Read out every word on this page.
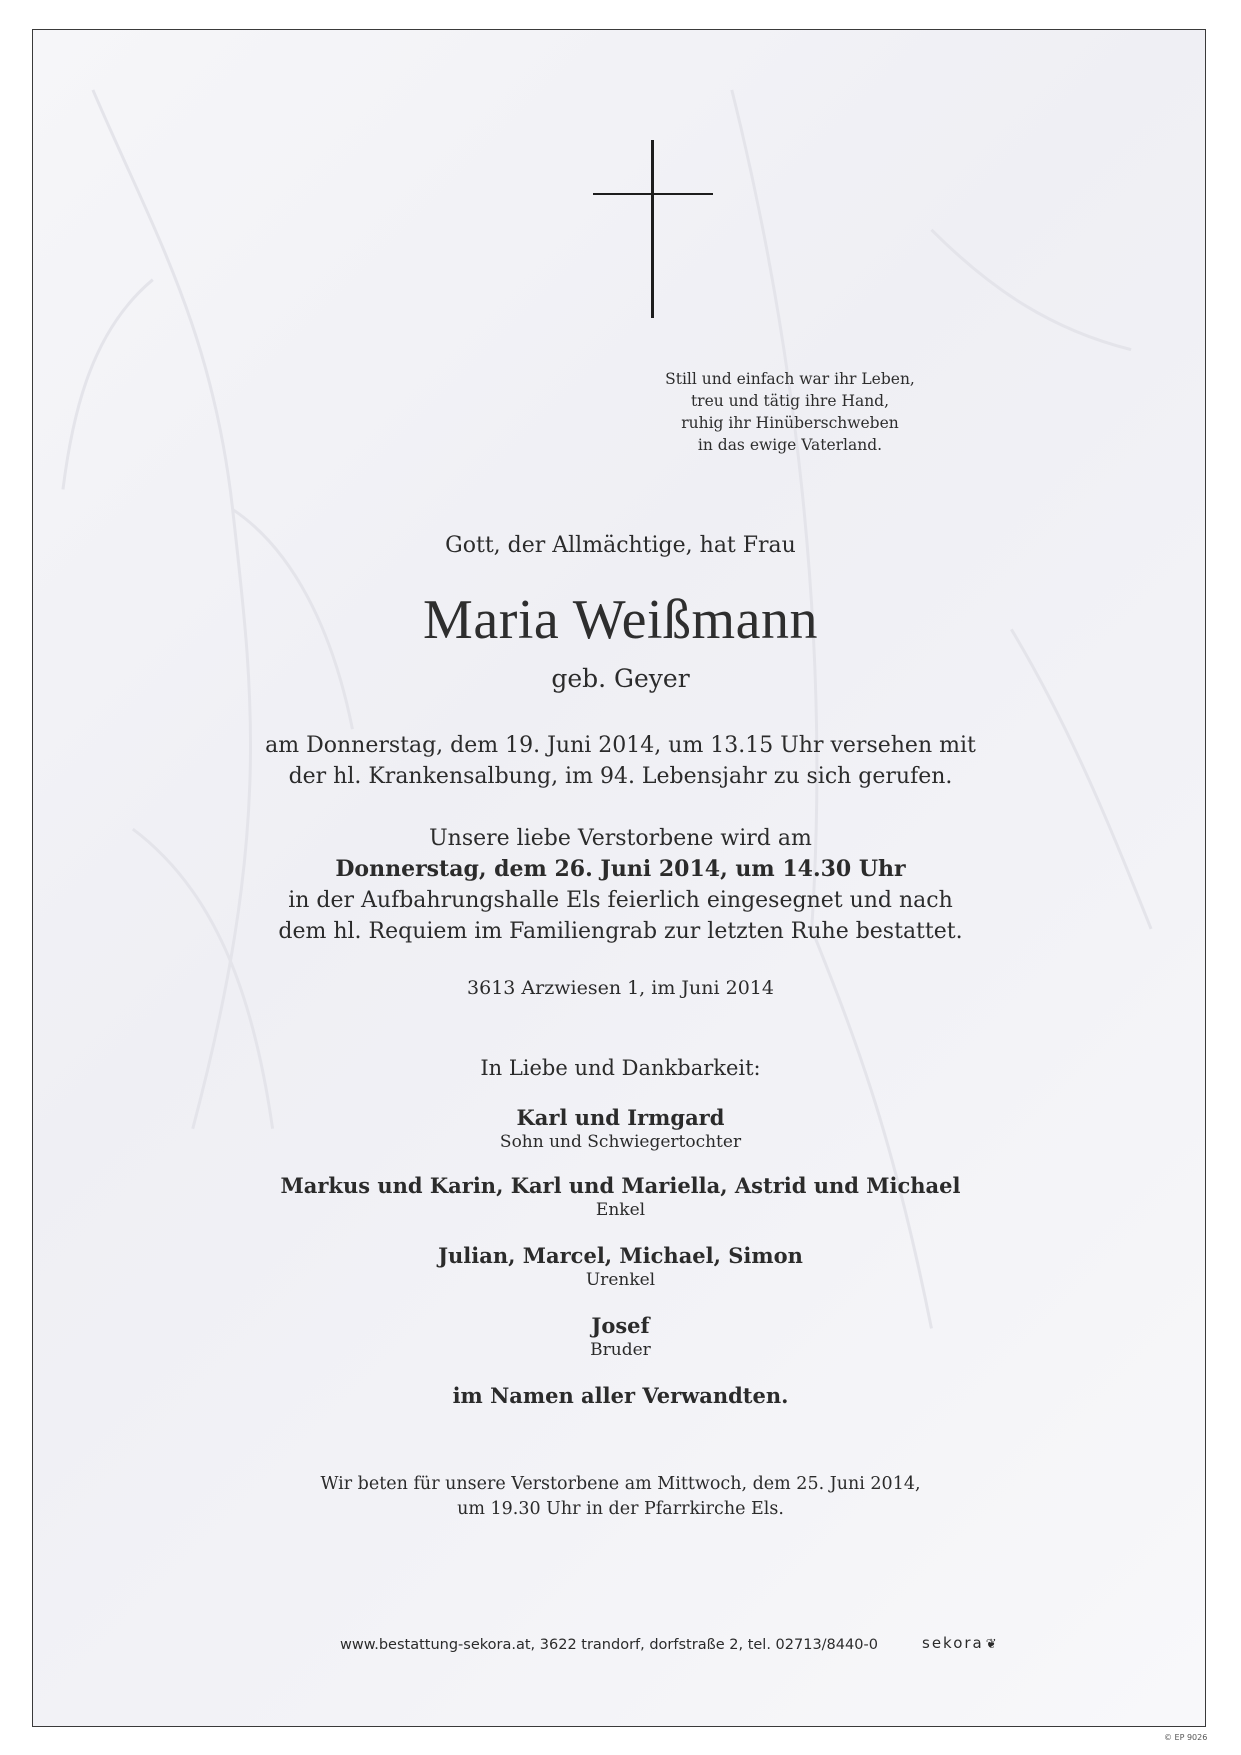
Still und einfach war ihr Leben,
treu und tätig ihre Hand,
ruhig ihr Hinüberschweben
in das ewige Vaterland.
Gott, der Allmächtige, hat Frau
Maria Weißmann
geb. Geyer
am Donnerstag, dem 19. Juni 2014, um 13.15 Uhr versehen mit
der hl. Krankensalbung, im 94. Lebensjahr zu sich gerufen.
Unsere liebe Verstorbene wird am
Donnerstag, dem 26. Juni 2014, um 14.30 Uhr
in der Aufbahrungshalle Els feierlich eingesegnet und nach
dem hl. Requiem im Familiengrab zur letzten Ruhe bestattet.
3613 Arzwiesen 1, im Juni 2014
In Liebe und Dankbarkeit:
Karl und Irmgard
Sohn und Schwiegertochter
Markus und Karin, Karl und Mariella, Astrid und Michael
Enkel
Julian, Marcel, Michael, Simon
Urenkel
Josef
Bruder
im Namen aller Verwandten.
Wir beten für unsere Verstorbene am Mittwoch, dem 25. Juni 2014,
um 19.30 Uhr in der Pfarrkirche Els.
www.bestattung-sekora.at, 3622 trandorf, dorfstraße 2, tel. 02713/8440-0	sekora ❦
© EP 9026
